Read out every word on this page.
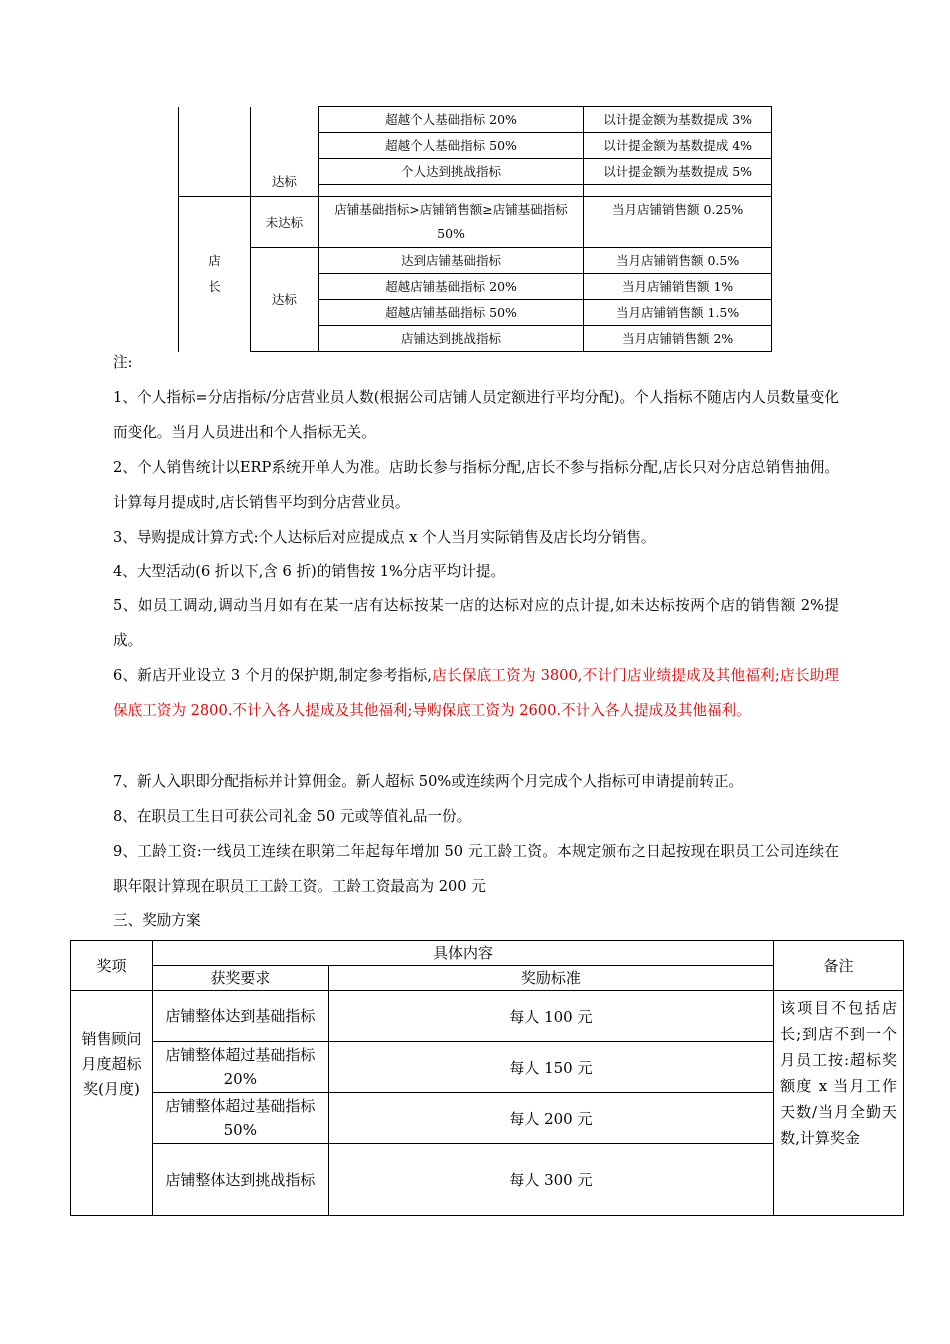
	达标	超越个人基础指标 20%	以计提金额为基数提成 3%
		超越个人基础指标 50%	以计提金额为基数提成 4%
		个人达到挑战指标	以计提金额为基数提成 5%

店
长	未达标	店铺基础指标>店铺销售额≥店铺基础指标 50%	当月店铺销售额 0.25%
	达标	达到店铺基础指标	当月店铺销售额 0.5%
		超越店铺基础指标 20%	当月店铺销售额 1%
		超越店铺基础指标 50%	当月店铺销售额 1.5%
		店铺达到挑战指标	当月店铺销售额 2%
注:
1、个人指标=分店指标/分店营业员人数(根据公司店铺人员定额进行平均分配)。个人指标不随店内人员数量变化而变化。当月人员进出和个人指标无关。
2、个人销售统计以ERP系统开单人为准。店助长参与指标分配,店长不参与指标分配,店长只对分店总销售抽佣。计算每月提成时,店长销售平均到分店营业员。
3、导购提成计算方式:个人达标后对应提成点 x 个人当月实际销售及店长均分销售。
4、大型活动(6 折以下,含 6 折)的销售按 1%分店平均计提。
5、如员工调动,调动当月如有在某一店有达标按某一店的达标对应的点计提,如未达标按两个店的销售额 2%提成。
6、新店开业设立 3 个月的保护期,制定参考指标,店长保底工资为 3800,不计门店业绩提成及其他福利;店长助理保底工资为 2800.不计入各人提成及其他福利;导购保底工资为 2600.不计入各人提成及其他福利。
7、新人入职即分配指标并计算佣金。新人超标 50%或连续两个月完成个人指标可申请提前转正。
8、在职员工生日可获公司礼金 50 元或等值礼品一份。
9、工龄工资:一线员工连续在职第二年起每年增加 50 元工龄工资。本规定颁布之日起按现在职员工公司连续在职年限计算现在职员工工龄工资。工龄工资最高为 200 元
三、奖励方案
奖项	具体内容		备注
	获奖要求	奖励标准	
销售顾问月度超标奖(月度)	店铺整体达到基础指标	每人 100 元	该项目不包括店长;到店不到一个月员工按:超标奖额度 x 当月工作天数/当月全勤天数,计算奖金
	店铺整体超过基础指标 20%	每人 150 元	
	店铺整体超过基础指标 50%	每人 200 元	
	店铺整体达到挑战指标	每人 300 元	
